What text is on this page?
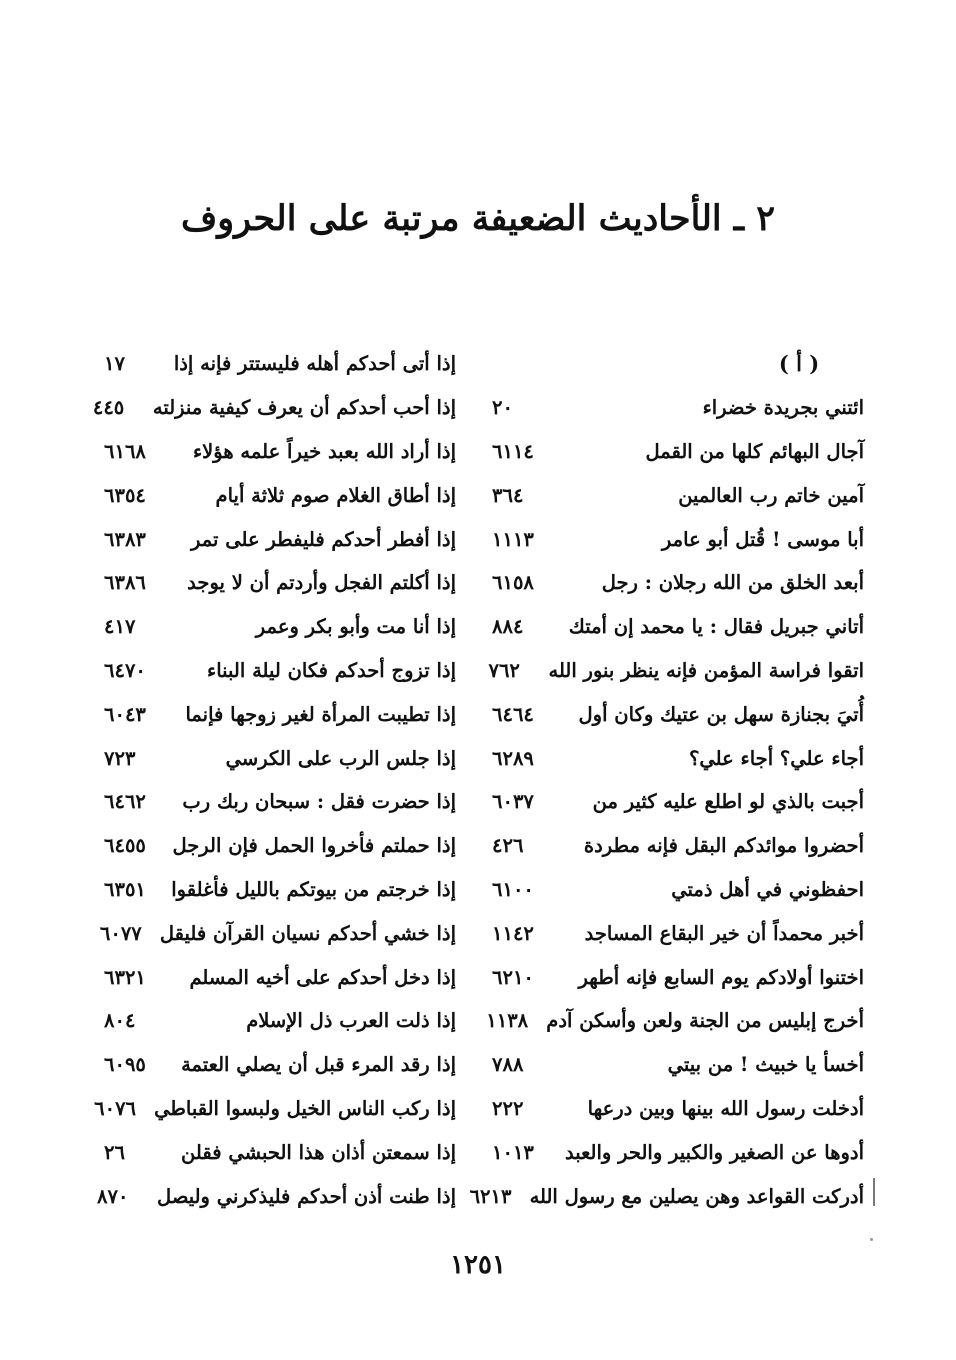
٢ ـ الأحاديث الضعيفة مرتبة على الحروف
( أ )
ائتني بجريدة خضراء
٢٠
آجال البهائم كلها من القمل
٦١١٤
آمين خاتم رب العالمين
٣٦٤
أبا موسى ! قُتل أبو عامر
١١١٣
أبعد الخلق من الله رجلان : رجل
٦١٥٨
أتاني جبريل فقال : يا محمد إن أمتك
٨٨٤
اتقوا فراسة المؤمن فإنه ينظر بنور الله
٧٦٢
أُتيَ بجنازة سهل بن عتيك وكان أول
٦٤٦٤
أجاء علي؟ أجاء علي؟
٦٢٨٩
أجبت بالذي لو اطلع عليه كثير من
٦٠٣٧
أحضروا موائدكم البقل فإنه مطردة
٤٢٦
احفظوني في أهل ذمتي
٦١٠٠
أخبر محمداً أن خير البقاع المساجد
١١٤٢
اختنوا أولادكم يوم السابع فإنه أطهر
٦٢١٠
أخرج إبليس من الجنة ولعن وأسكن آدم
١١٣٨
أخسأ يا خبيث ! من بيتي
٧٨٨
أدخلت رسول الله بينها وبين درعها
٢٢٢
أدوها عن الصغير والكبير والحر والعبد
١٠١٣
أدركت القواعد وهن يصلين مع رسول الله
٦٢١٣
إذا أتى أحدكم أهله فليستتر فإنه إذا
١٧
إذا أحب أحدكم أن يعرف كيفية منزلته
٤٤٥
إذا أراد الله بعبد خيراً علمه هؤلاء
٦١٦٨
إذا أطاق الغلام صوم ثلاثة أيام
٦٣٥٤
إذا أفطر أحدكم فليفطر على تمر
٦٣٨٣
إذا أكلتم الفجل وأردتم أن لا يوجد
٦٣٨٦
إذا أنا مت وأبو بكر وعمر
٤١٧
إذا تزوج أحدكم فكان ليلة البناء
٦٤٧٠
إذا تطيبت المرأة لغير زوجها فإنما
٦٠٤٣
إذا جلس الرب على الكرسي
٧٢٣
إذا حضرت فقل : سبحان ربك رب
٦٤٦٢
إذا حملتم فأخروا الحمل فإن الرجل
٦٤٥٥
إذا خرجتم من بيوتكم بالليل فأغلقوا
٦٣٥١
إذا خشي أحدكم نسيان القرآن فليقل
٦٠٧٧
إذا دخل أحدكم على أخيه المسلم
٦٣٢١
إذا ذلت العرب ذل الإسلام
٨٠٤
إذا رقد المرء قبل أن يصلي العتمة
٦٠٩٥
إذا ركب الناس الخيل ولبسوا القباطي
٦٠٧٦
إذا سمعتن أذان هذا الحبشي فقلن
٢٦
إذا طنت أذن أحدكم فليذكرني وليصل
٨٧٠
١٢٥١
